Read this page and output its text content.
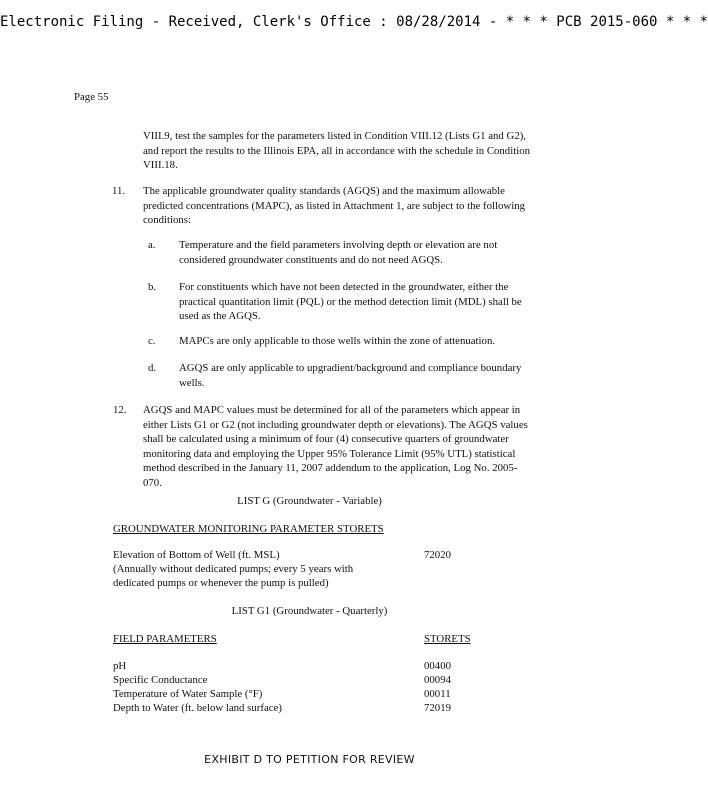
Electronic Filing - Received, Clerk's Office : 08/28/2014 - * * * PCB 2015-060 * * *
Page 55
VIII.9, test the samples for the parameters listed in Condition VIII.12 (Lists G1 and G2), and report the results to the Illinois EPA, all in accordance with the schedule in Condition VIII.18.
11. The applicable groundwater quality standards (AGQS) and the maximum allowable predicted concentrations (MAPC), as listed in Attachment 1, are subject to the following conditions:
a. Temperature and the field parameters involving depth or elevation are not considered groundwater constituents and do not need AGQS.
b. For constituents which have not been detected in the groundwater, either the practical quantitation limit (PQL) or the method detection limit (MDL) shall be used as the AGQS.
c. MAPCs are only applicable to those wells within the zone of attenuation.
d. AGQS are only applicable to upgradient/background and compliance boundary wells.
12. AGQS and MAPC values must be determined for all of the parameters which appear in either Lists G1 or G2 (not including groundwater depth or elevations). The AGQS values shall be calculated using a minimum of four (4) consecutive quarters of groundwater monitoring data and employing the Upper 95% Tolerance Limit (95% UTL) statistical method described in the January 11, 2007 addendum to the application, Log No. 2005-070.
LIST G (Groundwater - Variable)
GROUNDWATER MONITORING PARAMETER STORETS
Elevation of Bottom of Well (ft. MSL)	72020
(Annually without dedicated pumps; every 5 years with
dedicated pumps or whenever the pump is pulled)
LIST G1 (Groundwater - Quarterly)
FIELD PARAMETERS	STORETS
pH	00400
Specific Conductance	00094
Temperature of Water Sample (°F)	00011
Depth to Water (ft. below land surface)	72019
EXHIBIT D TO PETITION FOR REVIEW
